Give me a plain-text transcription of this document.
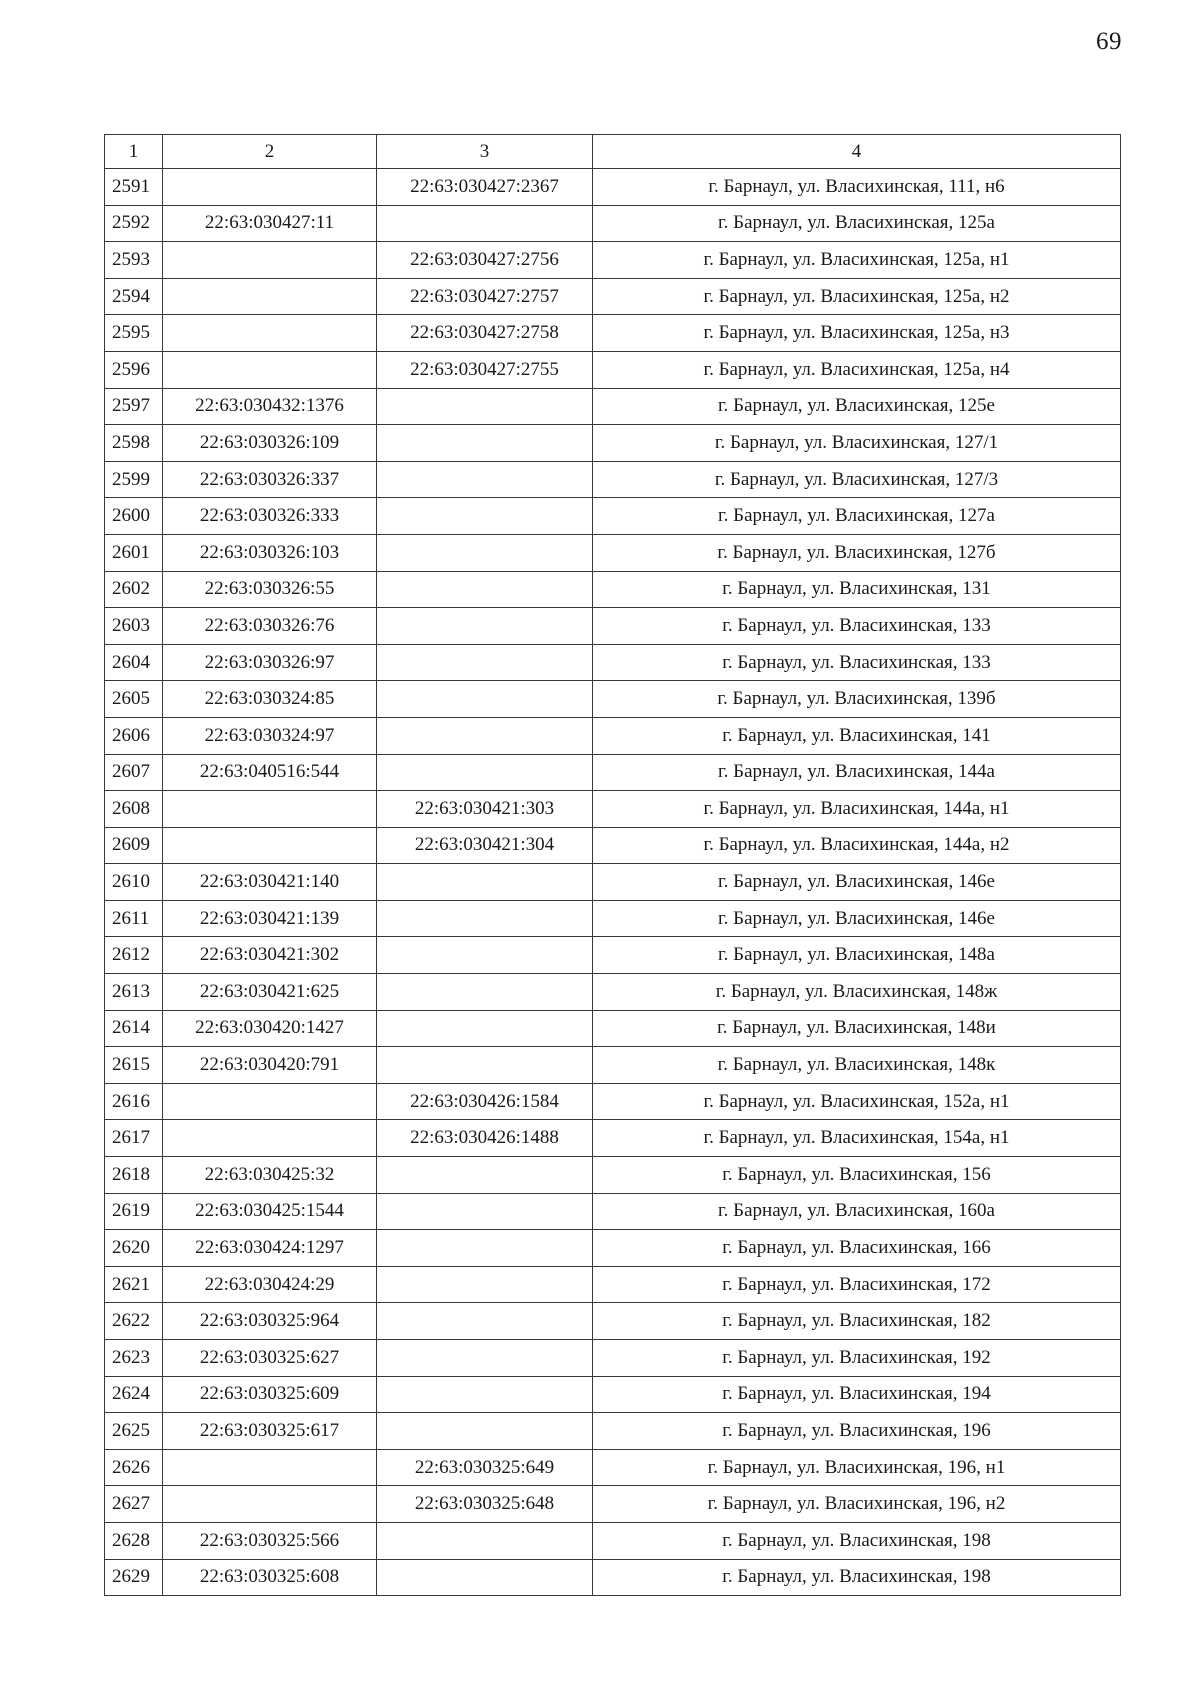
69
1	2	3	4
2591		22:63:030427:2367	г. Барнаул, ул. Власихинская, 111, н6
2592	22:63:030427:11		г. Барнаул, ул. Власихинская, 125а
2593		22:63:030427:2756	г. Барнаул, ул. Власихинская, 125а, н1
2594		22:63:030427:2757	г. Барнаул, ул. Власихинская, 125а, н2
2595		22:63:030427:2758	г. Барнаул, ул. Власихинская, 125а, н3
2596		22:63:030427:2755	г. Барнаул, ул. Власихинская, 125а, н4
2597	22:63:030432:1376		г. Барнаул, ул. Власихинская, 125е
2598	22:63:030326:109		г. Барнаул, ул. Власихинская, 127/1
2599	22:63:030326:337		г. Барнаул, ул. Власихинская, 127/3
2600	22:63:030326:333		г. Барнаул, ул. Власихинская, 127а
2601	22:63:030326:103		г. Барнаул, ул. Власихинская, 127б
2602	22:63:030326:55		г. Барнаул, ул. Власихинская, 131
2603	22:63:030326:76		г. Барнаул, ул. Власихинская, 133
2604	22:63:030326:97		г. Барнаул, ул. Власихинская, 133
2605	22:63:030324:85		г. Барнаул, ул. Власихинская, 139б
2606	22:63:030324:97		г. Барнаул, ул. Власихинская, 141
2607	22:63:040516:544		г. Барнаул, ул. Власихинская, 144а
2608		22:63:030421:303	г. Барнаул, ул. Власихинская, 144а, н1
2609		22:63:030421:304	г. Барнаул, ул. Власихинская, 144а, н2
2610	22:63:030421:140		г. Барнаул, ул. Власихинская, 146е
2611	22:63:030421:139		г. Барнаул, ул. Власихинская, 146е
2612	22:63:030421:302		г. Барнаул, ул. Власихинская, 148а
2613	22:63:030421:625		г. Барнаул, ул. Власихинская, 148ж
2614	22:63:030420:1427		г. Барнаул, ул. Власихинская, 148и
2615	22:63:030420:791		г. Барнаул, ул. Власихинская, 148к
2616		22:63:030426:1584	г. Барнаул, ул. Власихинская, 152а, н1
2617		22:63:030426:1488	г. Барнаул, ул. Власихинская, 154а, н1
2618	22:63:030425:32		г. Барнаул, ул. Власихинская, 156
2619	22:63:030425:1544		г. Барнаул, ул. Власихинская, 160а
2620	22:63:030424:1297		г. Барнаул, ул. Власихинская, 166
2621	22:63:030424:29		г. Барнаул, ул. Власихинская, 172
2622	22:63:030325:964		г. Барнаул, ул. Власихинская, 182
2623	22:63:030325:627		г. Барнаул, ул. Власихинская, 192
2624	22:63:030325:609		г. Барнаул, ул. Власихинская, 194
2625	22:63:030325:617		г. Барнаул, ул. Власихинская, 196
2626		22:63:030325:649	г. Барнаул, ул. Власихинская, 196, н1
2627		22:63:030325:648	г. Барнаул, ул. Власихинская, 196, н2
2628	22:63:030325:566		г. Барнаул, ул. Власихинская, 198
2629	22:63:030325:608		г. Барнаул, ул. Власихинская, 198
